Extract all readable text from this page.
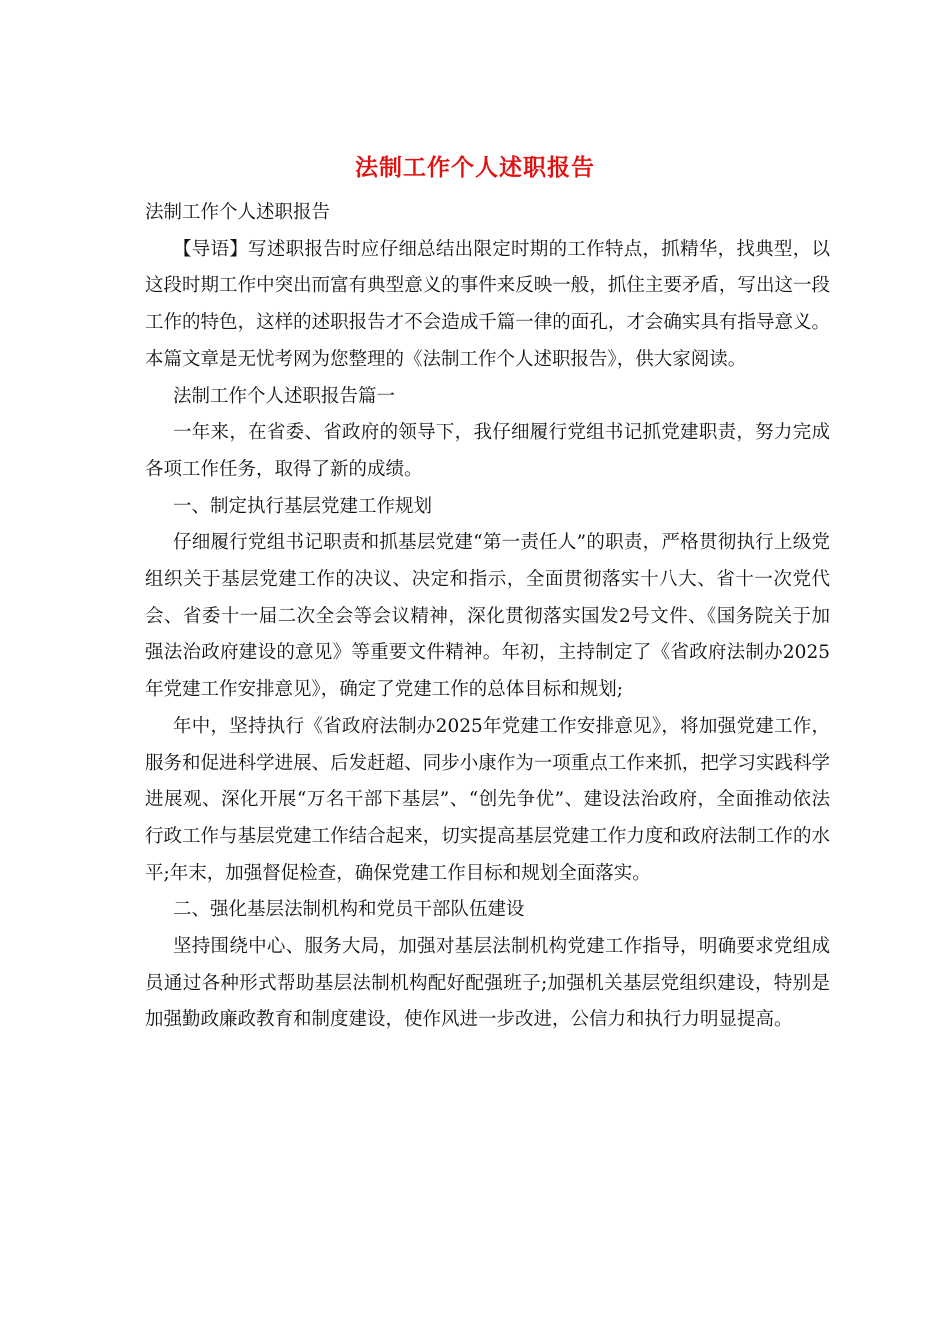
法制工作个人述职报告

法制工作个人述职报告

【导语】写述职报告时应仔细总结出限定时期的工作特点，抓精华，找典型，以这段时期工作中突出而富有典型意义的事件来反映一般，抓住主要矛盾，写出这一段工作的特色，这样的述职报告才不会造成千篇一律的面孔，才会确实具有指导意义。本篇文章是无忧考网为您整理的《法制工作个人述职报告》，供大家阅读。

法制工作个人述职报告篇一

一年来，在省委、省政府的领导下，我仔细履行党组书记抓党建职责，努力完成各项工作任务，取得了新的成绩。

一、制定执行基层党建工作规划

仔细履行党组书记职责和抓基层党建“第一责任人”的职责，严格贯彻执行上级党组织关于基层党建工作的决议、决定和指示，全面贯彻落实十八大、省十一次党代会、省委十一届二次全会等会议精神，深化贯彻落实国发2号文件、《国务院关于加强法治政府建设的意见》等重要文件精神。年初，主持制定了《省政府法制办2025年党建工作安排意见》，确定了党建工作的总体目标和规划;

年中，坚持执行《省政府法制办2025年党建工作安排意见》，将加强党建工作，服务和促进科学进展、后发赶超、同步小康作为一项重点工作来抓，把学习实践科学进展观、深化开展“万名干部下基层”、“创先争优”、建设法治政府，全面推动依法行政工作与基层党建工作结合起来，切实提高基层党建工作力度和政府法制工作的水平;年末，加强督促检查，确保党建工作目标和规划全面落实。

二、强化基层法制机构和党员干部队伍建设

坚持围绕中心、服务大局，加强对基层法制机构党建工作指导，明确要求党组成员通过各种形式帮助基层法制机构配好配强班子;加强机关基层党组织建设，特别是加强勤政廉政教育和制度建设，使作风进一步改进，公信力和执行力明显提高。
